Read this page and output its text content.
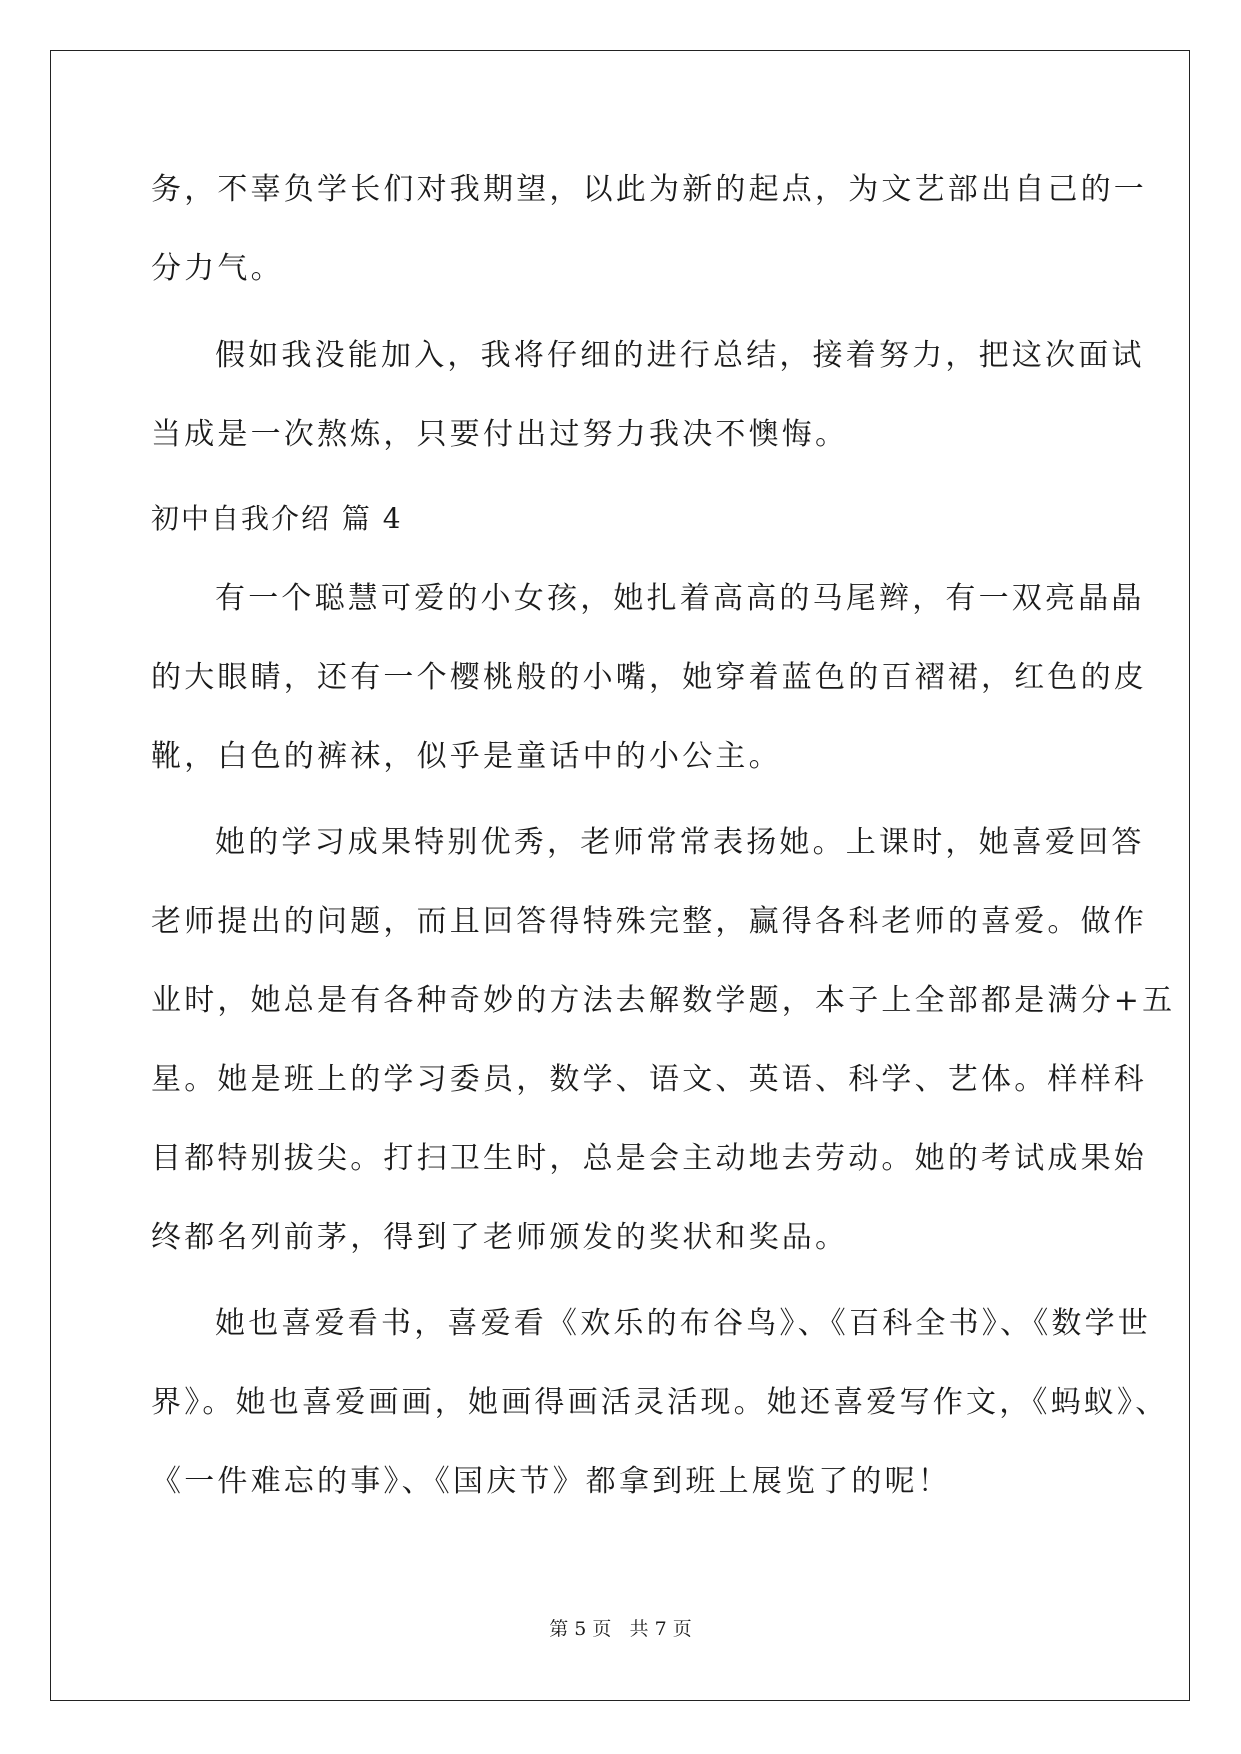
务，不辜负学长们对我期望，以此为新的起点，为文艺部出自己的一
分力气。
假如我没能加入，我将仔细的进行总结，接着努力，把这次面试
当成是一次熬炼，只要付出过努力我决不懊悔。
初中自我介绍 篇 4
有一个聪慧可爱的小女孩，她扎着高高的马尾辫，有一双亮晶晶
的大眼睛，还有一个樱桃般的小嘴，她穿着蓝色的百褶裙，红色的皮
靴，白色的裤袜，似乎是童话中的小公主。
她的学习成果特别优秀，老师常常表扬她。上课时，她喜爱回答
老师提出的问题，而且回答得特殊完整，赢得各科老师的喜爱。做作
业时，她总是有各种奇妙的方法去解数学题，本子上全部都是满分+五
星。她是班上的学习委员，数学、语文、英语、科学、艺体。样样科
目都特别拔尖。打扫卫生时，总是会主动地去劳动。她的考试成果始
终都名列前茅，得到了老师颁发的奖状和奖品。
她也喜爱看书，喜爱看《欢乐的布谷鸟》、《百科全书》、《数学世
界》。她也喜爱画画，她画得画活灵活现。她还喜爱写作文，《蚂蚁》、
《一件难忘的事》、《国庆节》都拿到班上展览了的呢！
第 5 页   共 7 页
